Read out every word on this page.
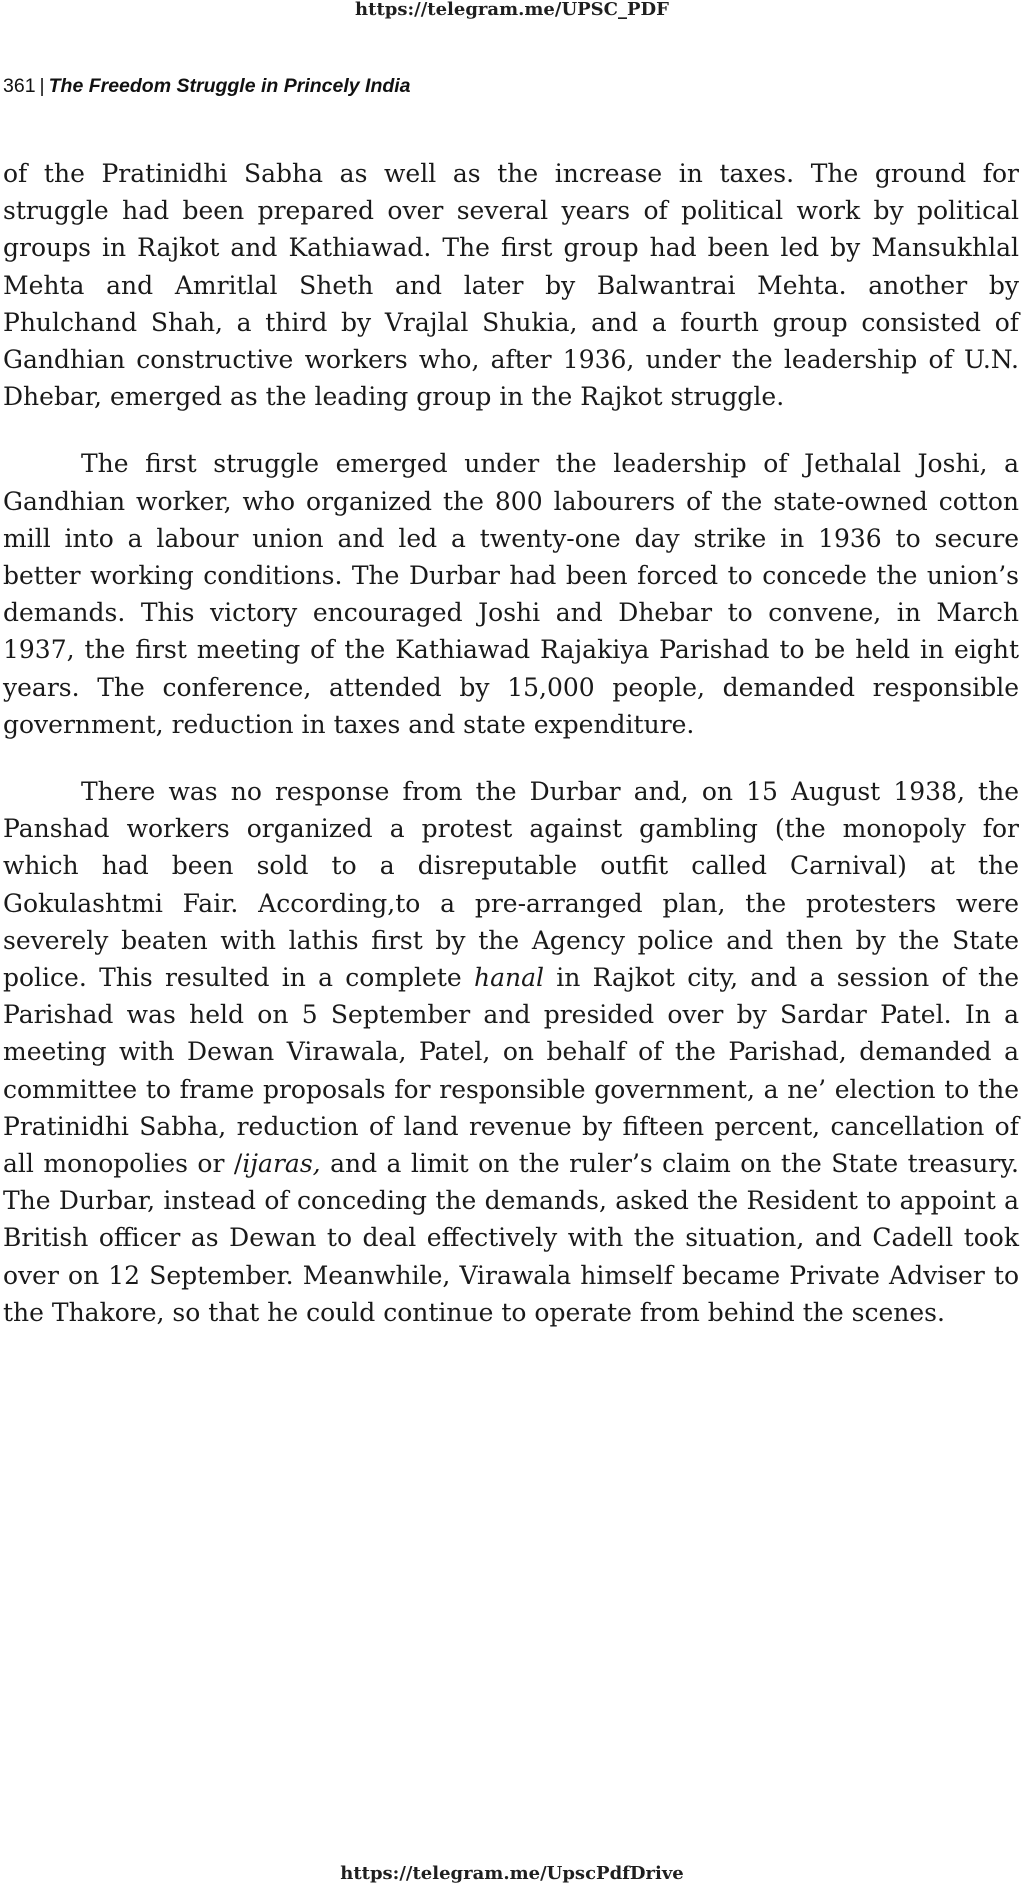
https://telegram.me/UPSC_PDF
361 | The Freedom Struggle in Princely India

of the Pratinidhi Sabha as well as the increase in taxes. The ground for struggle had been prepared over several years of political work by political groups in Rajkot and Kathiawad. The first group had been led by Mansukhlal Mehta and Amritlal Sheth and later by Balwantrai Mehta. another by Phulchand Shah, a third by Vrajlal Shukia, and a fourth group consisted of Gandhian constructive workers who, after 1936, under the leadership of U.N. Dhebar, emerged as the leading group in the Rajkot struggle.

The first struggle emerged under the leadership of Jethalal Joshi, a Gandhian worker, who organized the 800 labourers of the state-owned cotton mill into a labour union and led a twenty-one day strike in 1936 to secure better working conditions. The Durbar had been forced to concede the union’s demands. This victory encouraged Joshi and Dhebar to convene, in March 1937, the first meeting of the Kathiawad Rajakiya Parishad to be held in eight years. The conference, attended by 15,000 people, demanded responsible government, reduction in taxes and state expenditure.

There was no response from the Durbar and, on 15 August 1938, the Panshad workers organized a protest against gambling (the monopoly for which had been sold to a disreputable outfit called Carnival) at the Gokulashtmi Fair. According,to a pre-arranged plan, the protesters were severely beaten with lathis first by the Agency police and then by the State police. This resulted in a complete hanal in Rajkot city, and a session of the Parishad was held on 5 September and presided over by Sardar Patel. In a meeting with Dewan Virawala, Patel, on behalf of the Parishad, demanded a committee to frame proposals for responsible government, a ne’ election to the Pratinidhi Sabha, reduction of land revenue by fifteen percent, cancellation of all monopolies or /ijaras, and a limit on the ruler’s claim on the State treasury. The Durbar, instead of conceding the demands, asked the Resident to appoint a British officer as Dewan to deal effectively with the situation, and Cadell took over on 12 September. Meanwhile, Virawala himself became Private Adviser to the Thakore, so that he could continue to operate from behind the scenes.

https://telegram.me/UpscPdfDrive
